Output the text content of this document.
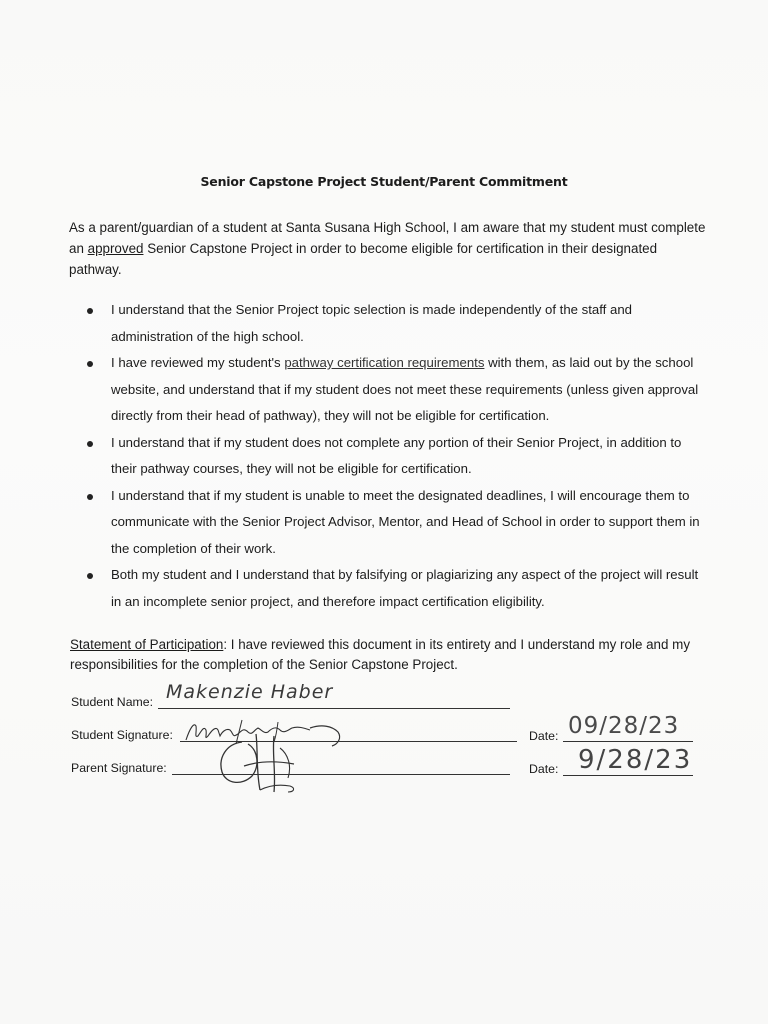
Senior Capstone Project Student/Parent Commitment
As a parent/guardian of a student at Santa Susana High School, I am aware that my student must complete an approved Senior Capstone Project in order to become eligible for certification in their designated pathway.
I understand that the Senior Project topic selection is made independently of the staff and administration of the high school.
I have reviewed my student's pathway certification requirements with them, as laid out by the school website, and understand that if my student does not meet these requirements (unless given approval directly from their head of pathway), they will not be eligible for certification.
I understand that if my student does not complete any portion of their Senior Project, in addition to their pathway courses, they will not be eligible for certification.
I understand that if my student is unable to meet the designated deadlines, I will encourage them to communicate with the Senior Project Advisor, Mentor, and Head of School in order to support them in the completion of their work.
Both my student and I understand that by falsifying or plagiarizing any aspect of the project will result in an incomplete senior project, and therefore impact certification eligibility.
Statement of Participation: I have reviewed this document in its entirety and I understand my role and my responsibilities for the completion of the Senior Capstone Project.
Student Name: Makenzie Haber
Student Signature:
Parent Signature:
Date: 09/28/23
Date: 9/28/23
